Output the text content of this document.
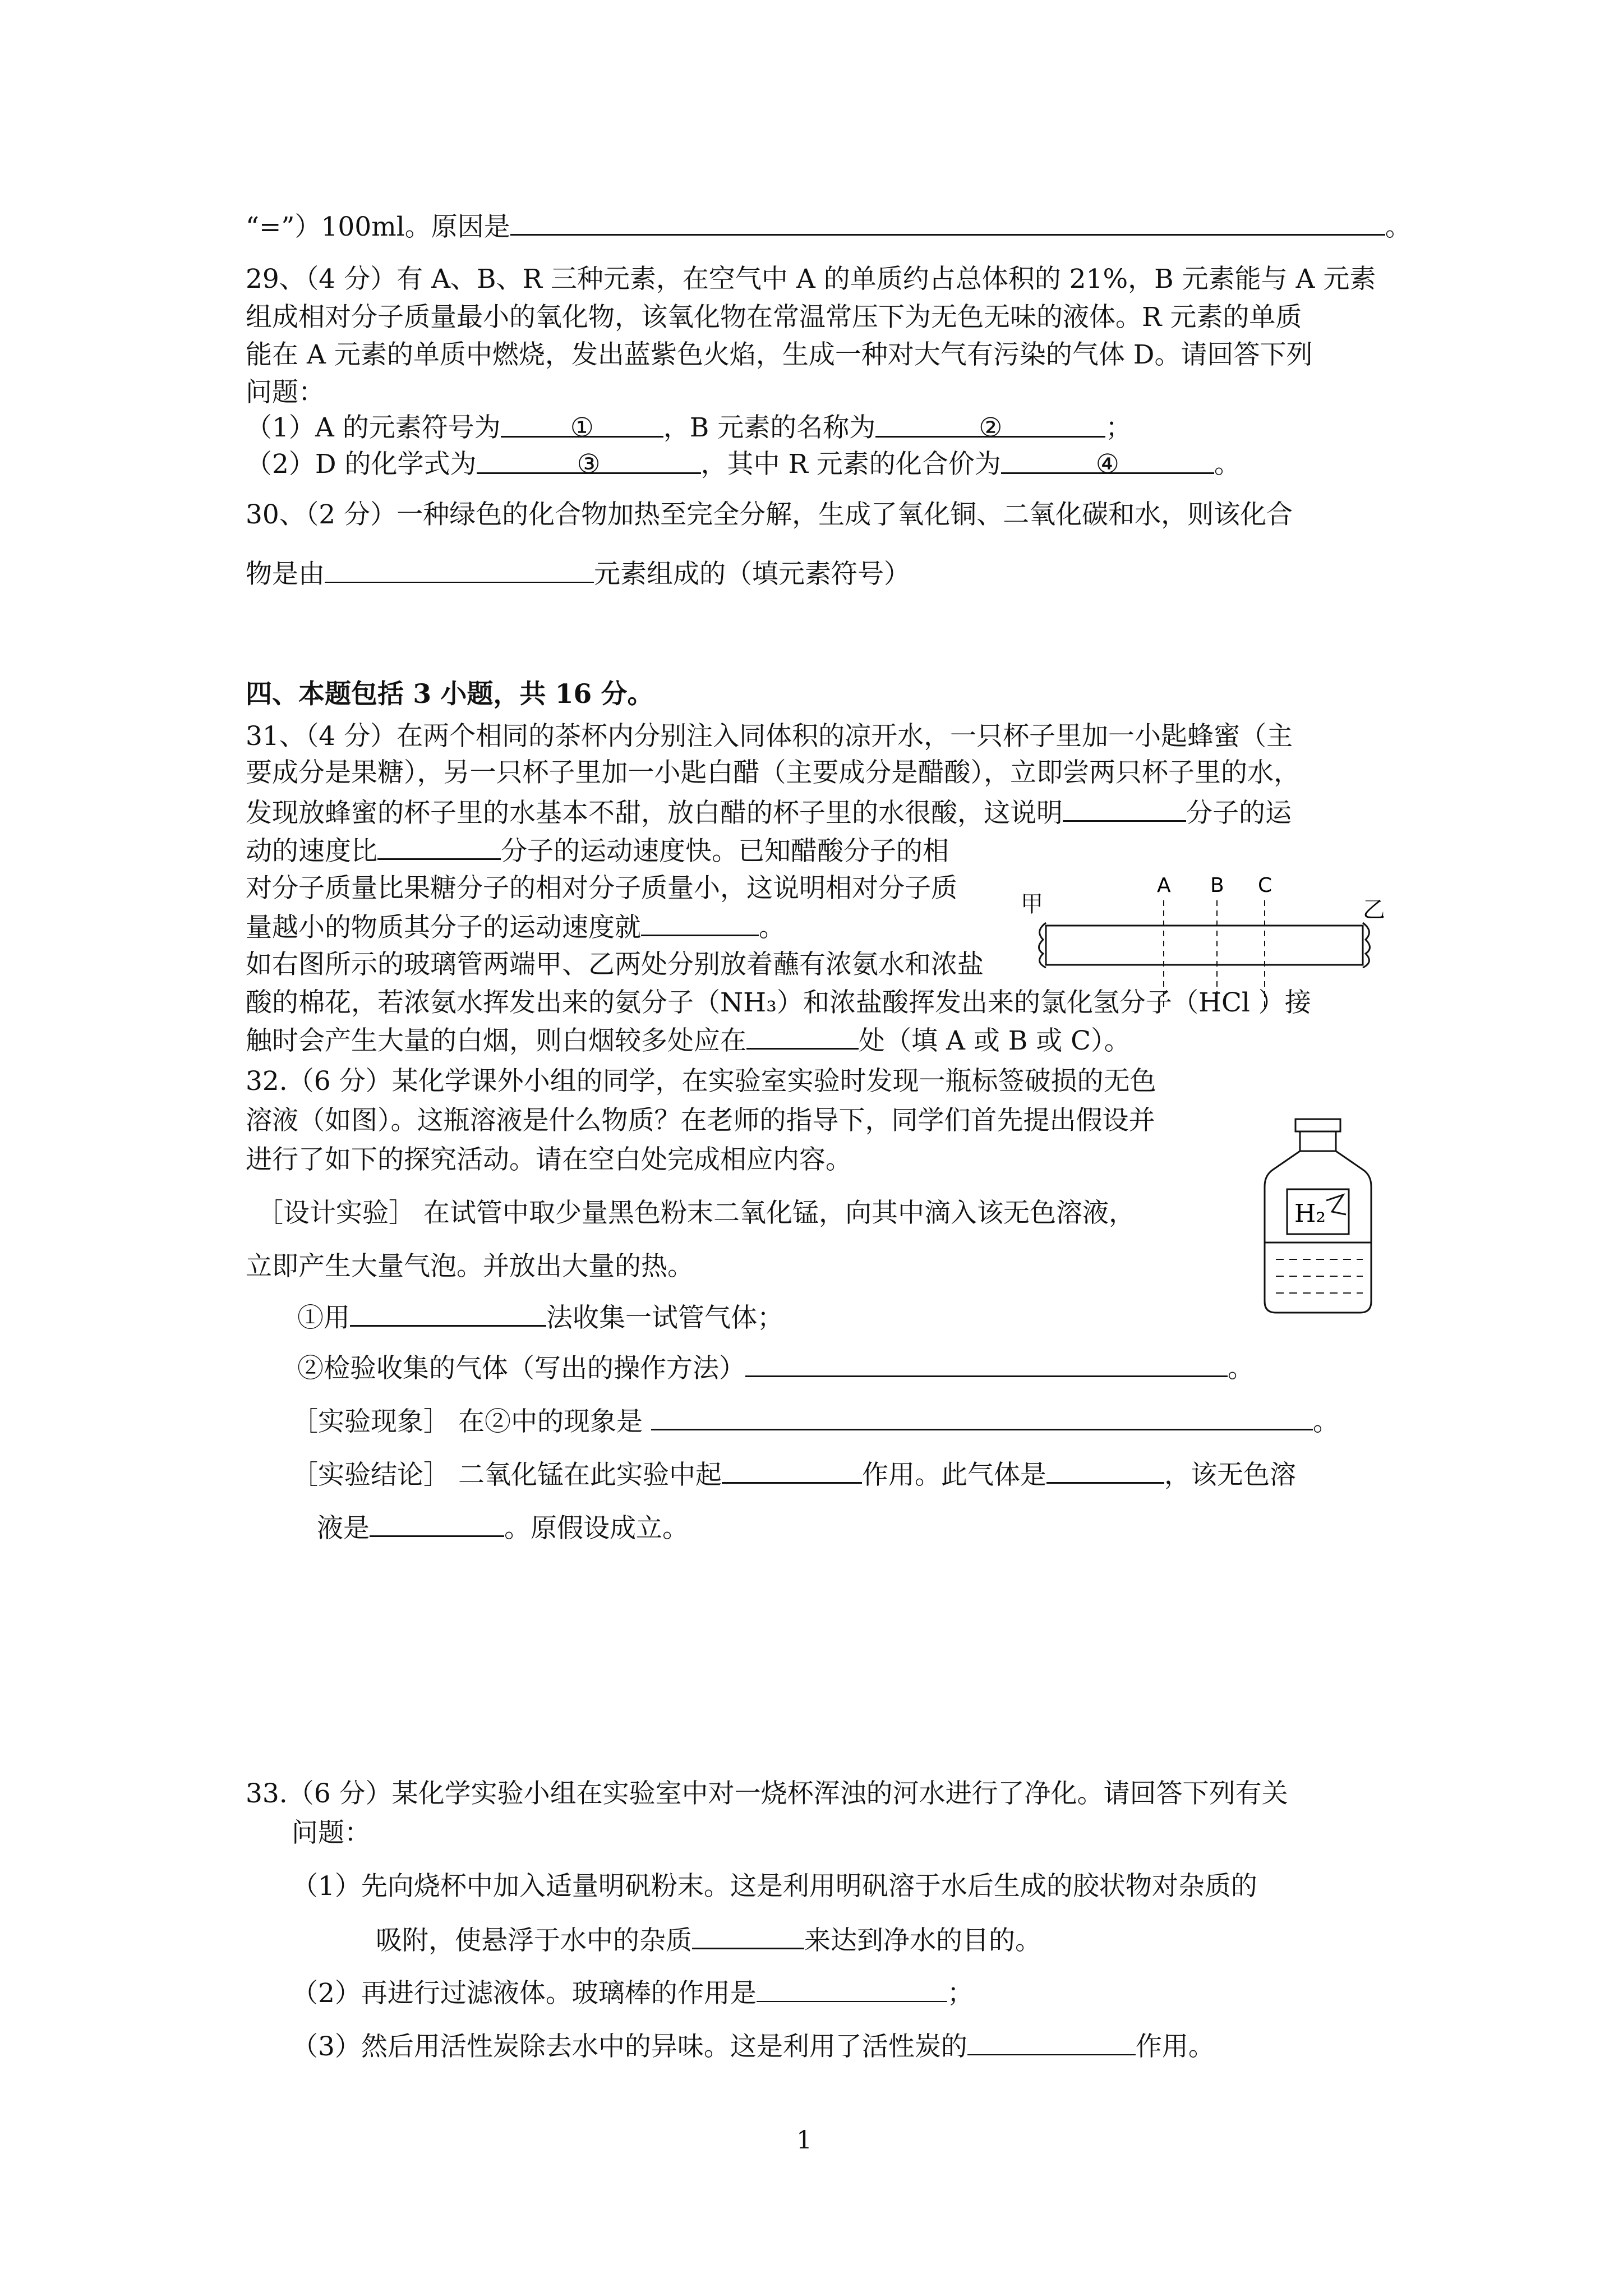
“=”）100ml。原因是	。
29、（4 分）有 A、B、R 三种元素，在空气中 A 的单质约占总体积的 21%，B 元素能与 A 元素
组成相对分子质量最小的氧化物，该氧化物在常温常压下为无色无味的液体。R 元素的单质
能在 A 元素的单质中燃烧，发出蓝紫色火焰，生成一种对大气有污染的气体 D。请回答下列
问题：
（1）A 的元素符号为	①	，B 元素的名称为	②	；
（2）D 的化学式为	③	，其中 R 元素的化合价为	④	。
30、（2 分）一种绿色的化合物加热至完全分解，生成了氧化铜、二氧化碳和水，则该化合
物是由	元素组成的（填元素符号）
四、本题包括 3 小题，共 16 分。
31、（4 分）在两个相同的茶杯内分别注入同体积的凉开水，一只杯子里加一小匙蜂蜜（主
要成分是果糖），另一只杯子里加一小匙白醋（主要成分是醋酸），立即尝两只杯子里的水，
发现放蜂蜜的杯子里的水基本不甜，放白醋的杯子里的水很酸，这说明	分子的运
动的速度比	分子的运动速度快。已知醋酸分子的相
对分子质量比果糖分子的相对分子质量小，这说明相对分子质
量越小的物质其分子的运动速度就	。
如右图所示的玻璃管两端甲、乙两处分别放着蘸有浓氨水和浓盐
酸的棉花，若浓氨水挥发出来的氨分子（NH₃）和浓盐酸挥发出来的氯化氢分子（HCl ）接
触时会产生大量的白烟，则白烟较多处应在	处（填 A 或 B 或 C）。
甲	乙
A B C
32.（6 分）某化学课外小组的同学，在实验室实验时发现一瓶标签破损的无色
溶液（如图）。这瓶溶液是什么物质？在老师的指导下，同学们首先提出假设并
进行了如下的探究活动。请在空白处完成相应内容。
［设计实验］ 在试管中取少量黑色粉末二氧化锰，向其中滴入该无色溶液，
立即产生大量气泡。并放出大量的热。
①用	法收集一试管气体；
②检验收集的气体（写出的操作方法）	。
［实验现象］ 在②中的现象是	。
［实验结论］ 二氧化锰在此实验中起	作用。此气体是	，该无色溶
液是	。原假设成立。
H₂
33.（6 分）某化学实验小组在实验室中对一烧杯浑浊的河水进行了净化。请回答下列有关
问题：
（1）先向烧杯中加入适量明矾粉末。这是利用明矾溶于水后生成的胶状物对杂质的
吸附，使悬浮于水中的杂质	来达到净水的目的。
（2）再进行过滤液体。玻璃棒的作用是	；
（3）然后用活性炭除去水中的异味。这是利用了活性炭的	作用。
1
